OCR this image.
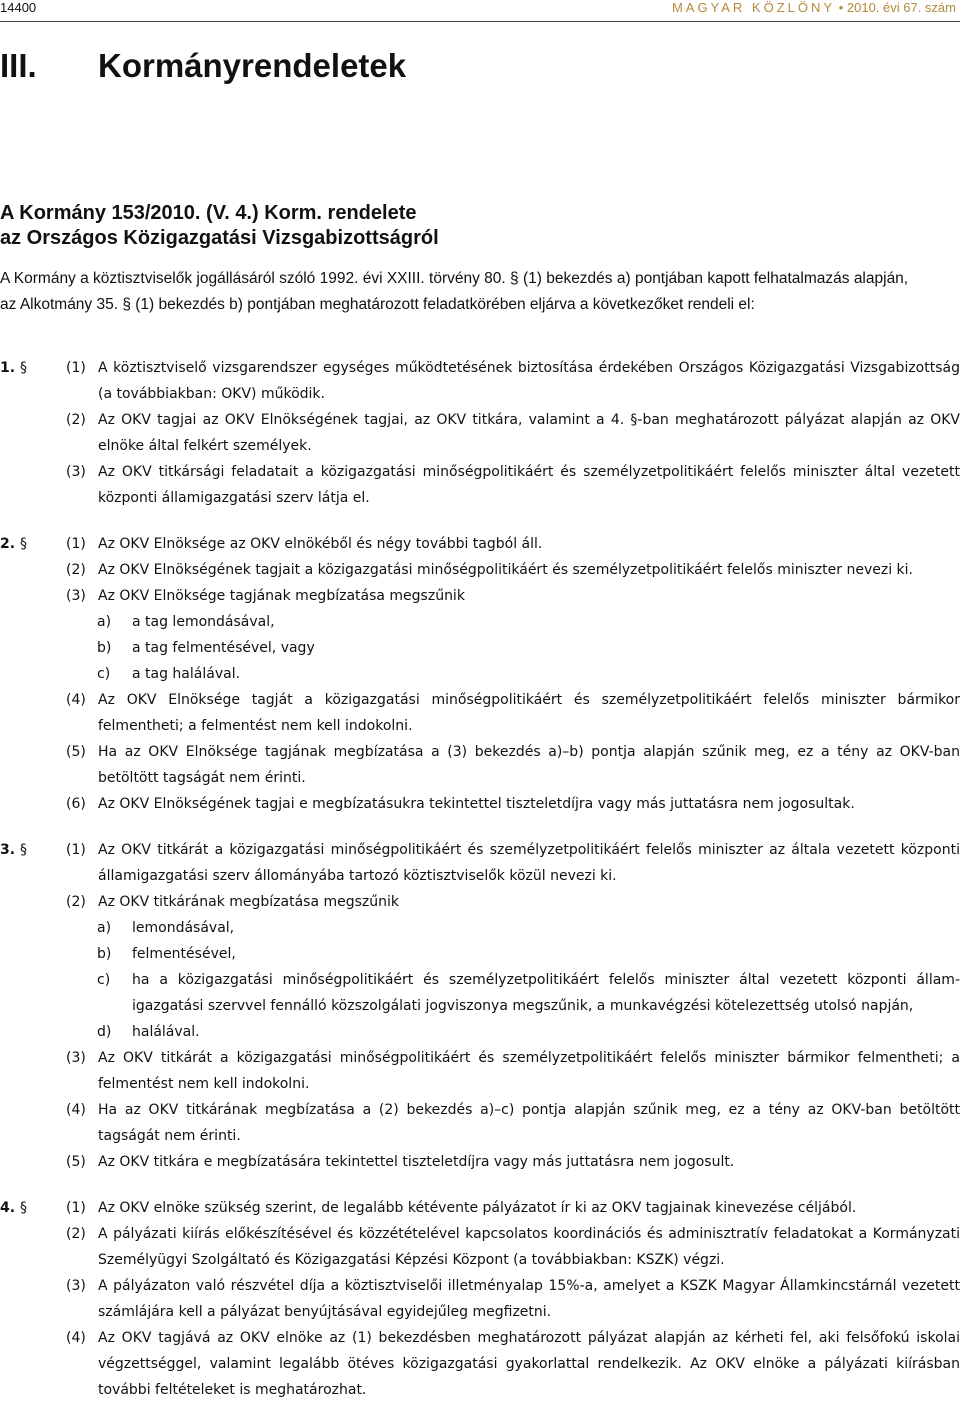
14400	MAGYAR KÖZLÖNY • 2010. évi 67. szám
III. Kormányrendeletek
A Kormány 153/2010. (V. 4.) Korm. rendelete
az Országos Közigazgatási Vizsgabizottságról
A Kormány a köztisztviselők jogállásáról szóló 1992. évi XXIII. törvény 80. § (1) bekezdés a) pontjában kapott felhatalmazás alapján,
az Alkotmány 35. § (1) bekezdés b) pontjában meghatározott feladatkörében eljárva a következőket rendeli el:
1. §	(1) A köztisztviselő vizsgarendszer egységes működtetésének biztosítása érdekében Országos Közigazgatási Vizsgabizottság (a továbbiakban: OKV) működik.
(2) Az OKV tagjai az OKV Elnökségének tagjai, az OKV titkára, valamint a 4. §-ban meghatározott pályázat alapján az OKV elnöke által felkért személyek.
(3) Az OKV titkársági feladatait a közigazgatási minőségpolitikáért és személyzetpolitikáért felelős miniszter által vezetett központi államigazgatási szerv látja el.
2. §	(1) Az OKV Elnöksége az OKV elnökéből és négy további tagból áll.
(2) Az OKV Elnökségének tagjait a közigazgatási minőségpolitikáért és személyzetpolitikáért felelős miniszter nevezi ki.
(3) Az OKV Elnöksége tagjának megbízatása megszűnik
a) a tag lemondásával,
b) a tag felmentésével, vagy
c) a tag halálával.
(4) Az OKV Elnöksége tagját a közigazgatási minőségpolitikáért és személyzetpolitikáért felelős miniszter bármikor felmentheti; a felmentést nem kell indokolni.
(5) Ha az OKV Elnöksége tagjának megbízatása a (3) bekezdés a)–b) pontja alapján szűnik meg, ez a tény az OKV-ban betöltött tagságát nem érinti.
(6) Az OKV Elnökségének tagjai e megbízatásukra tekintettel tiszteletdíjra vagy más juttatásra nem jogosultak.
3. §	(1) Az OKV titkárát a közigazgatási minőségpolitikáért és személyzetpolitikáért felelős miniszter az általa vezetett központi államigazgatási szerv állományába tartozó köztisztviselők közül nevezi ki.
(2) Az OKV titkárának megbízatása megszűnik
a) lemondásával,
b) felmentésével,
c) ha a közigazgatási minőségpolitikáért és személyzetpolitikáért felelős miniszter által vezetett központi államigazgatási szervvel fennálló közszolgálati jogviszonya megszűnik, a munkavégzési kötelezettség utolsó napján,
d) halálával.
(3) Az OKV titkárát a közigazgatási minőségpolitikáért és személyzetpolitikáért felelős miniszter bármikor felmentheti; a felmentést nem kell indokolni.
(4) Ha az OKV titkárának megbízatása a (2) bekezdés a)–c) pontja alapján szűnik meg, ez a tény az OKV-ban betöltött tagságát nem érinti.
(5) Az OKV titkára e megbízatására tekintettel tiszteletdíjra vagy más juttatásra nem jogosult.
4. §	(1) Az OKV elnöke szükség szerint, de legalább kétévente pályázatot ír ki az OKV tagjainak kinevezése céljából.
(2) A pályázati kiírás előkészítésével és közzétételével kapcsolatos koordinációs és adminisztratív feladatokat a Kormányzati Személyügyi Szolgáltató és Közigazgatási Képzési Központ (a továbbiakban: KSZK) végzi.
(3) A pályázaton való részvétel díja a köztisztviselői illetményalap 15%-a, amelyet a KSZK Magyar Államkincstárnál vezetett számlájára kell a pályázat benyújtásával egyidejűleg megfizetni.
(4) Az OKV tagjává az OKV elnöke az (1) bekezdésben meghatározott pályázat alapján az kérheti fel, aki felsőfokú iskolai végzettséggel, valamint legalább ötéves közigazgatási gyakorlattal rendelkezik. Az OKV elnöke a pályázati kiírásban további feltételeket is meghatározhat.
